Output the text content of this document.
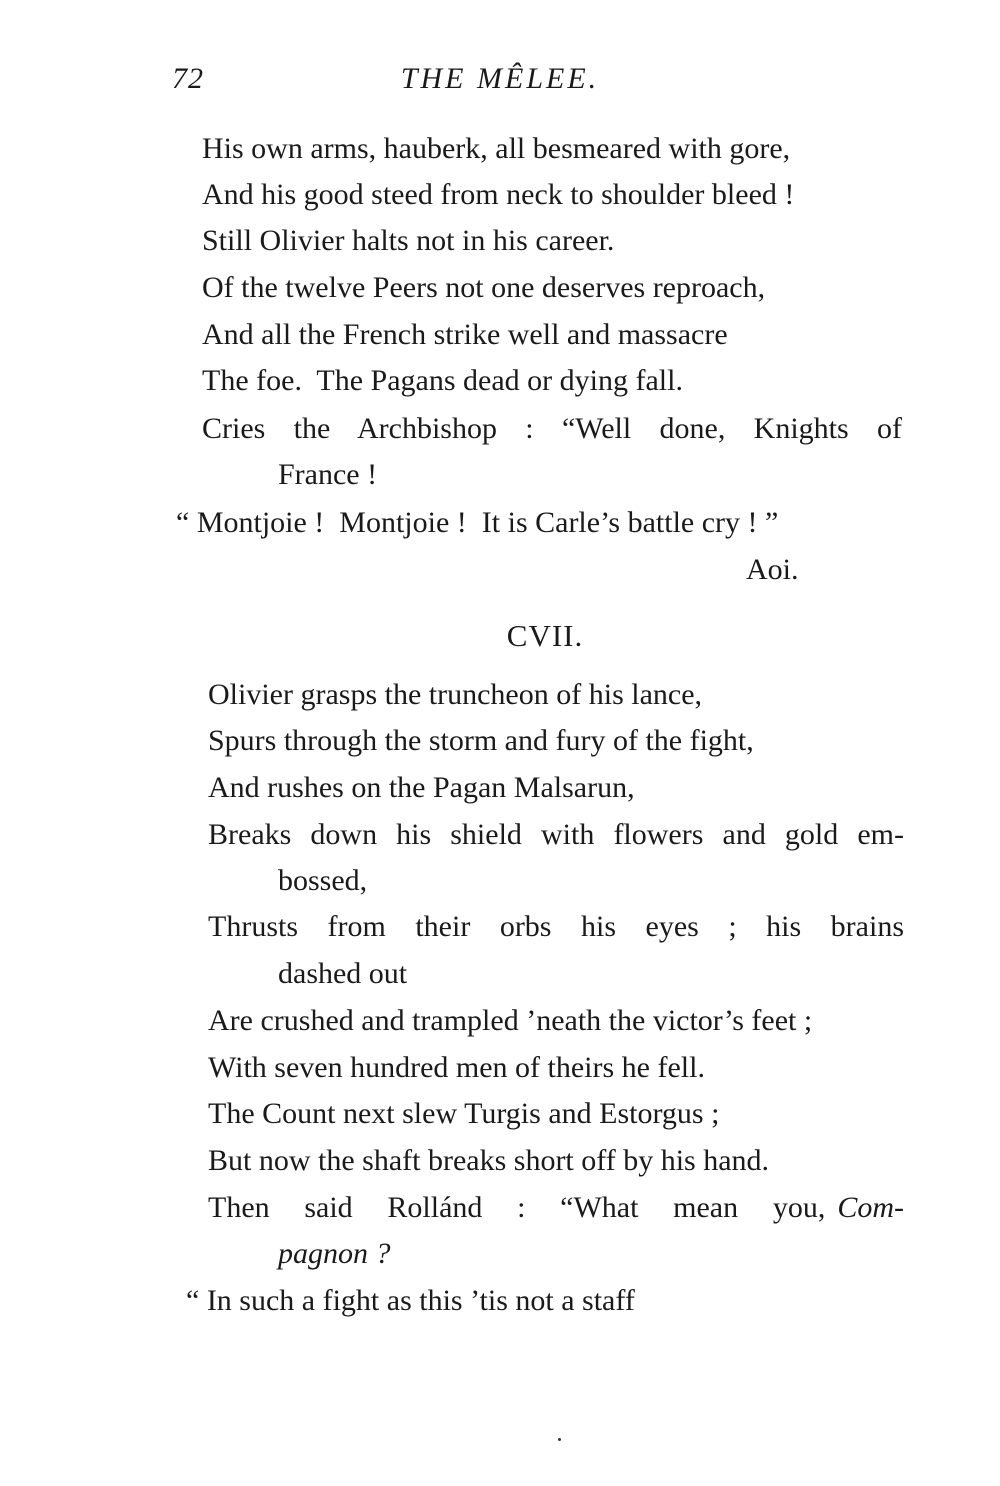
72	THE MÊLEE.
His own arms, hauberk, all besmeared with gore,
And his good steed from neck to shoulder bleed !
Still Olivier halts not in his career.
Of the twelve Peers not one deserves reproach,
And all the French strike well and massacre
The foe.  The Pagans dead or dying fall.
Cries the Archbishop : “Well done, Knights of
France !
“ Montjoie !  Montjoie !  It is Carle’s battle cry ! ”
Aoi.
CVII.
Olivier grasps the truncheon of his lance,
Spurs through the storm and fury of the fight,
And rushes on the Pagan Malsarun,
Breaks down his shield with flowers and gold em-
bossed,
Thrusts from their orbs his eyes ; his brains
dashed out
Are crushed and trampled ’neath the victor’s feet ;
With seven hundred men of theirs he fell.
The Count next slew Turgis and Estorgus ;
But now the shaft breaks short off by his hand.
Then said Rollánd : “What mean you, Com-
pagnon ?
“ In such a fight as this ’tis not a staff
